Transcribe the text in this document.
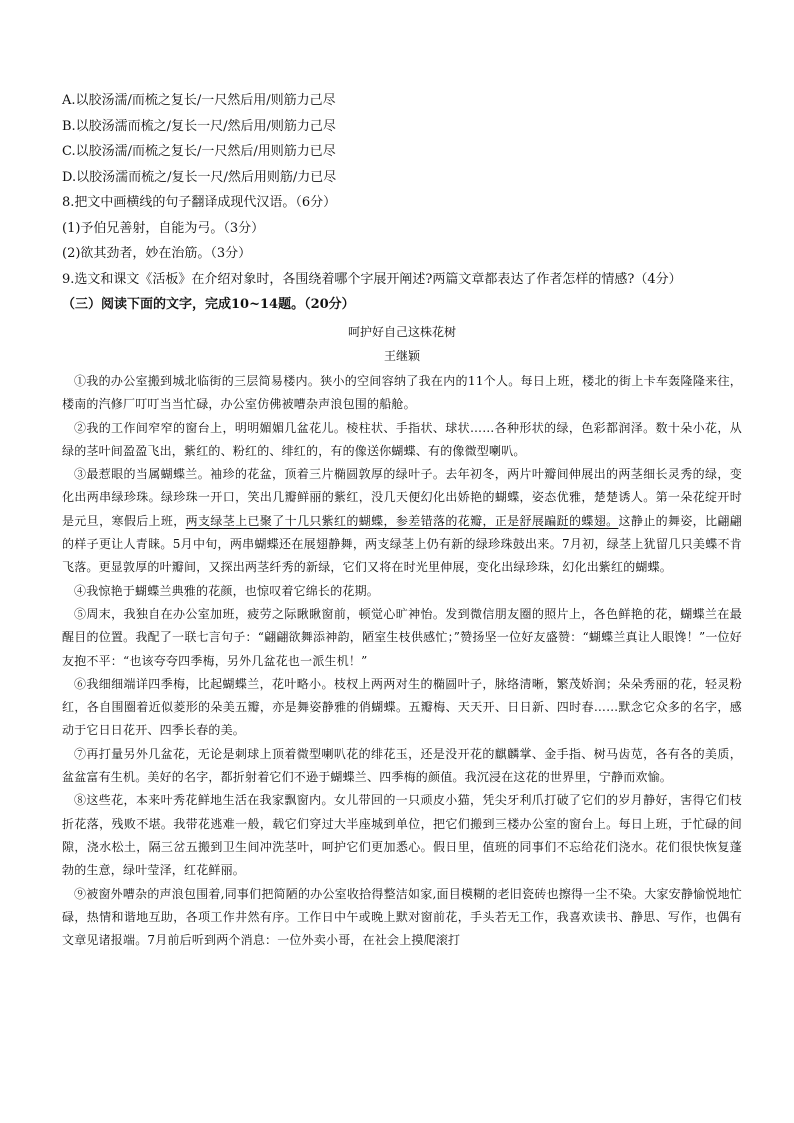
A.以胶汤濡/而梳之复长/一尺然后用/则筋力己尽

B.以胶汤濡而梳之/复长一尺/然后用/则筋力己尽

C.以胶汤濡/而梳之复长/一尺然后/用则筋力已尽

D.以胶汤濡而梳之/复长一尺/然后用则筋/力已尽

8.把文中画横线的句子翻译成现代汉语。（6分）

(1)予伯兄善射，自能为弓。（3分）

(2)欲其劲者，妙在治筋。（3分）

9.选文和课文《活板》在介绍对象时，各围绕着哪个字展开阐述?两篇文章都表达了作者怎样的情感?（4分）

（三）阅读下面的文字，完成10~14题。（20分）

呵护好自己这株花树
王继颖

①我的办公室搬到城北临街的三层简易楼内。狭小的空间容纳了我在内的11个人。每日上班，楼北的街上卡车轰隆隆来往，楼南的汽修厂叮叮当当忙碌，办公室仿佛被嘈杂声浪包围的船舱。

②我的工作间窄窄的窗台上，明明媚媚几盆花儿。棱柱状、手指状、球状……各种形状的绿，色彩都润泽。数十朵小花，从绿的茎叶间盈盈飞出，紫红的、粉红的、绯红的，有的像送你蝴蝶、有的像微型喇叭。

③最惹眼的当属蝴蝶兰。袖珍的花盆，顶着三片椭圆敦厚的绿叶子。去年初冬，两片叶瓣间伸展出的两茎细长灵秀的绿，变化出两串绿珍珠。绿珍珠一开口，笑出几瓣鲜丽的紫红，没几天便幻化出娇艳的蝴蝶，姿态优雅，楚楚诱人。第一朵花绽开时是元旦，寒假后上班，两支绿茎上已聚了十几只紫红的蝴蝶，参差错落的花瓣，正是舒展蹁跹的蝶翅。这静止的舞姿，比翩翩的样子更让人青睐。5月中旬，两串蝴蝶还在展翅静舞，两支绿茎上仍有新的绿珍珠鼓出来。7月初，绿茎上犹留几只美蝶不肯飞落。更显敦厚的叶瓣间，又探出两茎纤秀的新绿，它们又将在时光里伸展，变化出绿珍珠，幻化出紫红的蝴蝶。

④我惊艳于蝴蝶兰典雅的花颜，也惊叹着它绵长的花期。

⑤周末，我独自在办公室加班，疲劳之际瞅瞅窗前，顿觉心旷神怡。发到微信朋友圈的照片上，各色鲜艳的花，蝴蝶兰在最醒目的位置。我配了一联七言句子：“翩翩欲舞添神韵，陋室生枝供感忙；”赞扬坚一位好友盛赞：“蝴蝶兰真让人眼馋！”一位好友抱不平：“也该夸夸四季梅，另外几盆花也一派生机！”

⑥我细细端详四季梅，比起蝴蝶兰，花叶略小。枝杈上两两对生的椭圆叶子，脉络清晰，繁茂娇润；朵朵秀丽的花，轻灵粉红，各自围圈着近似菱形的朵美五瓣，亦是舞姿静雅的俏蝴蝶。五瓣梅、天天开、日日新、四时春……默念它众多的名字，感动于它日日花开、四季长春的美。

⑦再打量另外几盆花，无论是刺球上顶着微型喇叭花的绯花玉，还是没开花的麒麟掌、金手指、树马齿苋，各有各的美质，盆盆富有生机。美好的名字，都折射着它们不逊于蝴蝶兰、四季梅的颜值。我沉浸在这花的世界里，宁静而欢愉。

⑧这些花，本来叶秀花鲜地生活在我家飘窗内。女儿带回的一只顽皮小猫，凭尖牙利爪打破了它们的岁月静好，害得它们枝折花落，残败不堪。我带花逃难一般，载它们穿过大半座城到单位，把它们搬到三楼办公室的窗台上。每日上班，于忙碌的间隙，浇水松土，隔三岔五搬到卫生间冲洗茎叶，呵护它们更加悉心。假日里，值班的同事们不忘给花们浇水。花们很快恢复蓬勃的生意，绿叶莹泽，红花鲜丽。

⑨被窗外嘈杂的声浪包围着,同事们把简陋的办公室收拾得整洁如家,面目模糊的老旧瓷砖也擦得一尘不染。大家安静愉悦地忙碌，热情和谐地互助，各项工作井然有序。工作日中午或晚上默对窗前花，手头若无工作，我喜欢读书、静思、写作，也偶有文章见诸报端。7月前后听到两个消息：一位外卖小哥，在社会上摸爬滚打
